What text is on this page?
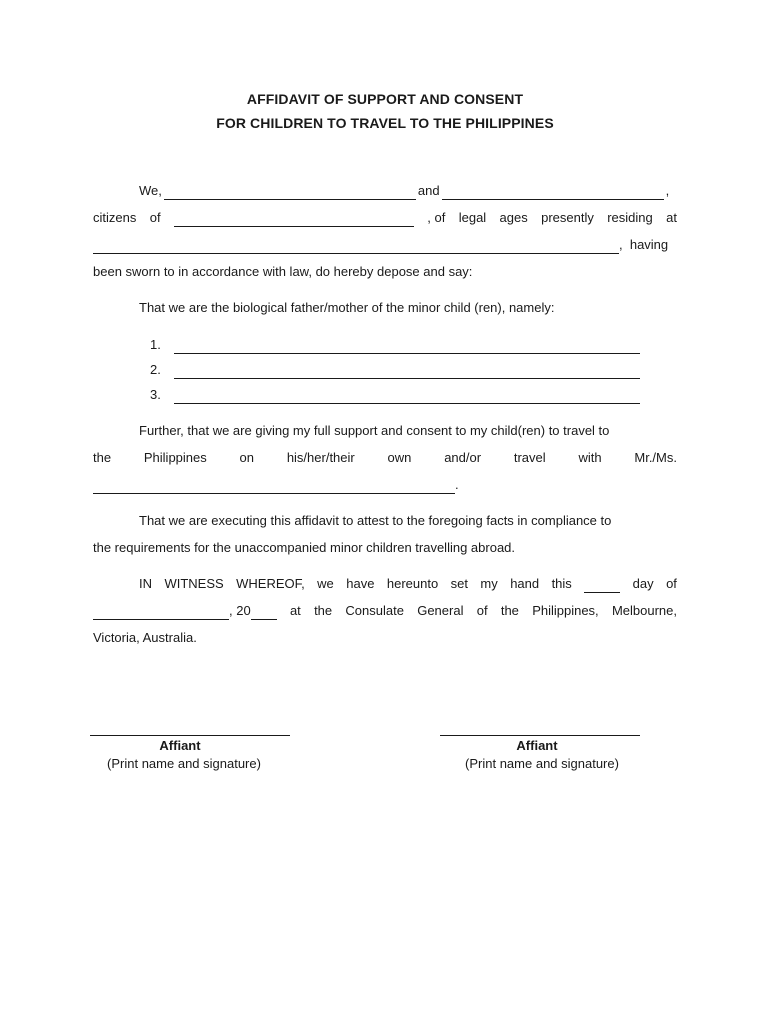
AFFIDAVIT OF SUPPORT AND CONSENT
FOR CHILDREN TO TRAVEL TO THE PHILIPPINES
We,	and	,
citizens of	, of legal ages presently residing at
,  having
been sworn to in accordance with law, do hereby depose and say:
That we are the biological father/mother of the minor child (ren), namely:
1.
2.
3.
Further, that we are giving my full support and consent to my child(ren) to travel to
the	Philippines	on	his/her/their	own	and/or	travel	with	Mr./Ms.
.
That we are executing this affidavit to attest to the foregoing facts in compliance to
the requirements for the unaccompanied minor children travelling abroad.
IN WITNESS WHEREOF, we have hereunto set my hand this	day of
, 20	at the Consulate General of the Philippines, Melbourne,
Victoria, Australia.
Affiant
(Print name and signature)
Affiant
(Print name and signature)
